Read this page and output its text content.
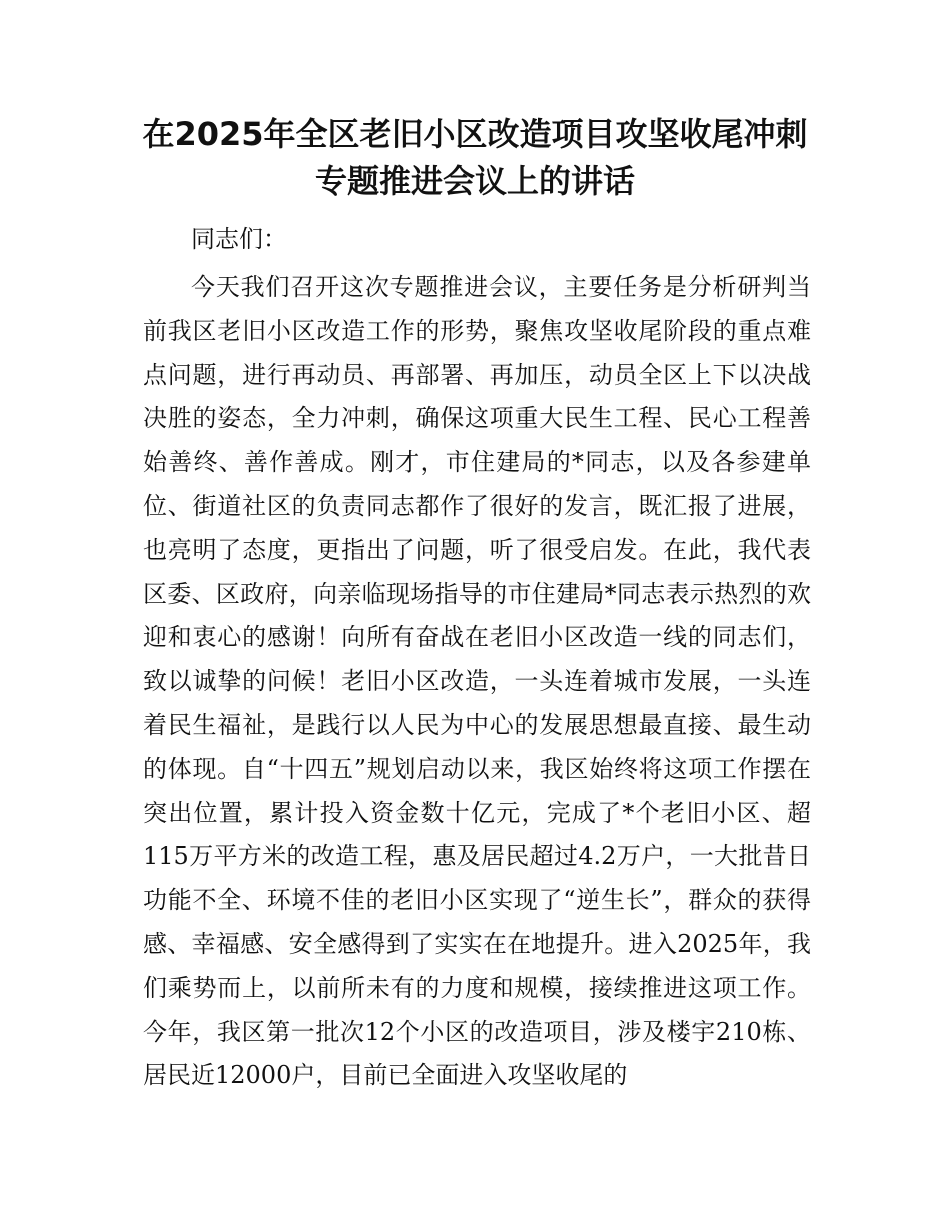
在2025年全区老旧小区改造项目攻坚收尾冲刺
专题推进会议上的讲话

同志们：

今天我们召开这次专题推进会议，主要任务是分析研判当前我区老旧小区改造工作的形势，聚焦攻坚收尾阶段的重点难点问题，进行再动员、再部署、再加压，动员全区上下以决战决胜的姿态，全力冲刺，确保这项重大民生工程、民心工程善始善终、善作善成。刚才，市住建局的*同志，以及各参建单位、街道社区的负责同志都作了很好的发言，既汇报了进展，也亮明了态度，更指出了问题，听了很受启发。在此，我代表区委、区政府，向亲临现场指导的市住建局*同志表示热烈的欢迎和衷心的感谢！向所有奋战在老旧小区改造一线的同志们，致以诚挚的问候！老旧小区改造，一头连着城市发展，一头连着民生福祉，是践行以人民为中心的发展思想最直接、最生动的体现。自“十四五”规划启动以来，我区始终将这项工作摆在突出位置，累计投入资金数十亿元，完成了*个老旧小区、超115万平方米的改造工程，惠及居民超过4.2万户，一大批昔日功能不全、环境不佳的老旧小区实现了“逆生长”，群众的获得感、幸福感、安全感得到了实实在在地提升。进入2025年，我们乘势而上，以前所未有的力度和规模，接续推进这项工作。今年，我区第一批次12个小区的改造项目，涉及楼宇210栋、居民近12000户，目前已全面进入攻坚收尾的
